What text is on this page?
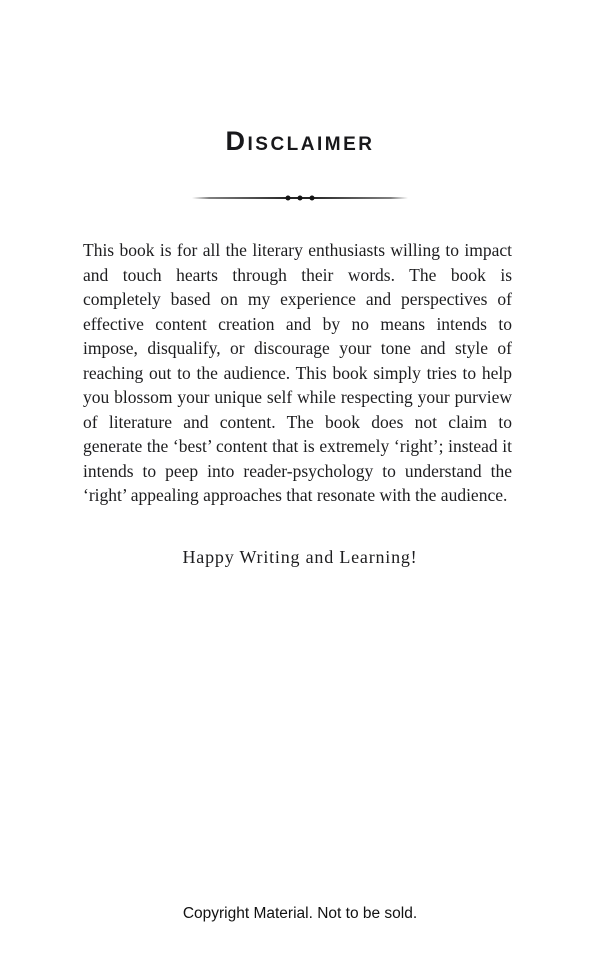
Disclaimer

This book is for all the literary enthusiasts willing to impact and touch hearts through their words. The book is completely based on my experience and perspectives of effective content creation and by no means intends to impose, disqualify, or discourage your tone and style of reaching out to the audience. This book simply tries to help you blossom your unique self while respecting your purview of literature and content. The book does not claim to generate the ‘best’ content that is extremely ‘right’; instead it intends to peep into reader-psychology to understand the ‘right’ appealing approaches that resonate with the audience.

Happy Writing and Learning!

Copyright Material. Not to be sold.
